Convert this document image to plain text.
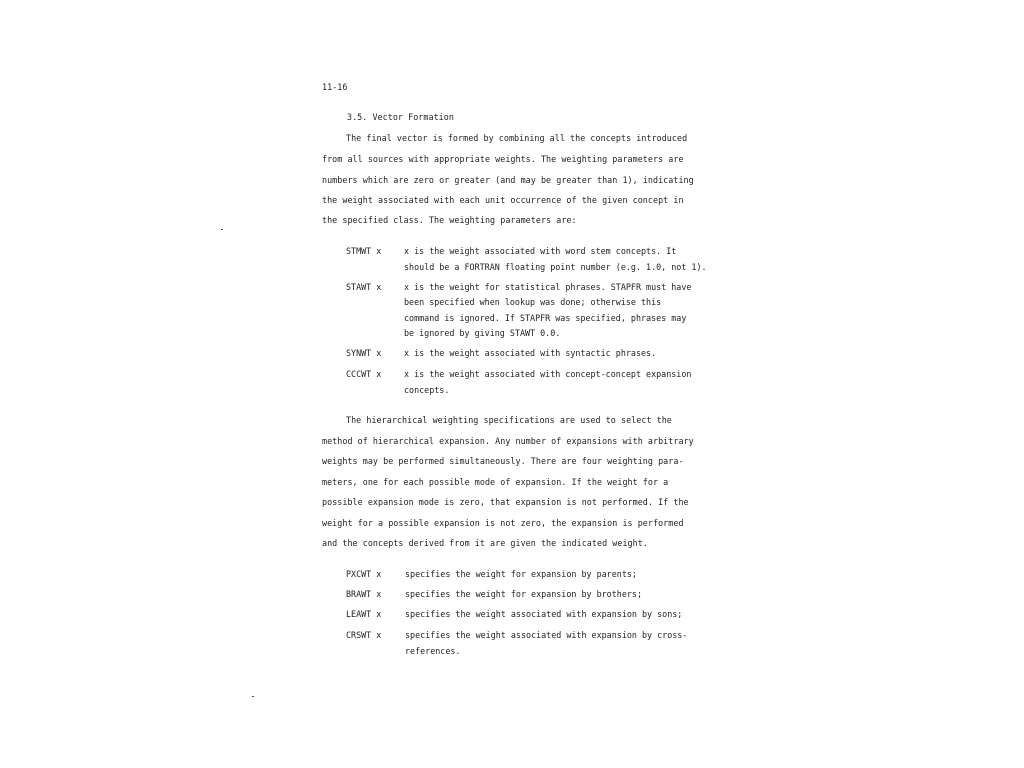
11-16
3.5. Vector Formation
The final vector is formed by combining all the concepts introduced
from all sources with appropriate weights. The weighting parameters are
numbers which are zero or greater (and may be greater than 1), indicating
the weight associated with each unit occurrence of the given concept in
the specified class. The weighting parameters are:
STMWT x	x is the weight associated with word stem concepts. It
should be a FORTRAN floating point number (e.g. 1.0, not 1).
STAWT x	x is the weight for statistical phrases. STAPFR must have
been specified when lookup was done; otherwise this
command is ignored. If STAPFR was specified, phrases may
be ignored by giving STAWT 0.0.
SYNWT x	x is the weight associated with syntactic phrases.
CCCWT x	x is the weight associated with concept-concept expansion
concepts.
The hierarchical weighting specifications are used to select the
method of hierarchical expansion. Any number of expansions with arbitrary
weights may be performed simultaneously. There are four weighting para-
meters, one for each possible mode of expansion. If the weight for a
possible expansion mode is zero, that expansion is not performed. If the
weight for a possible expansion is not zero, the expansion is performed
and the concepts derived from it are given the indicated weight.
PXCWT x	specifies the weight for expansion by parents;
BRAWT x	specifies the weight for expansion by brothers;
LEAWT x	specifies the weight associated with expansion by sons;
CRSWT x	specifies the weight associated with expansion by cross-
references.
